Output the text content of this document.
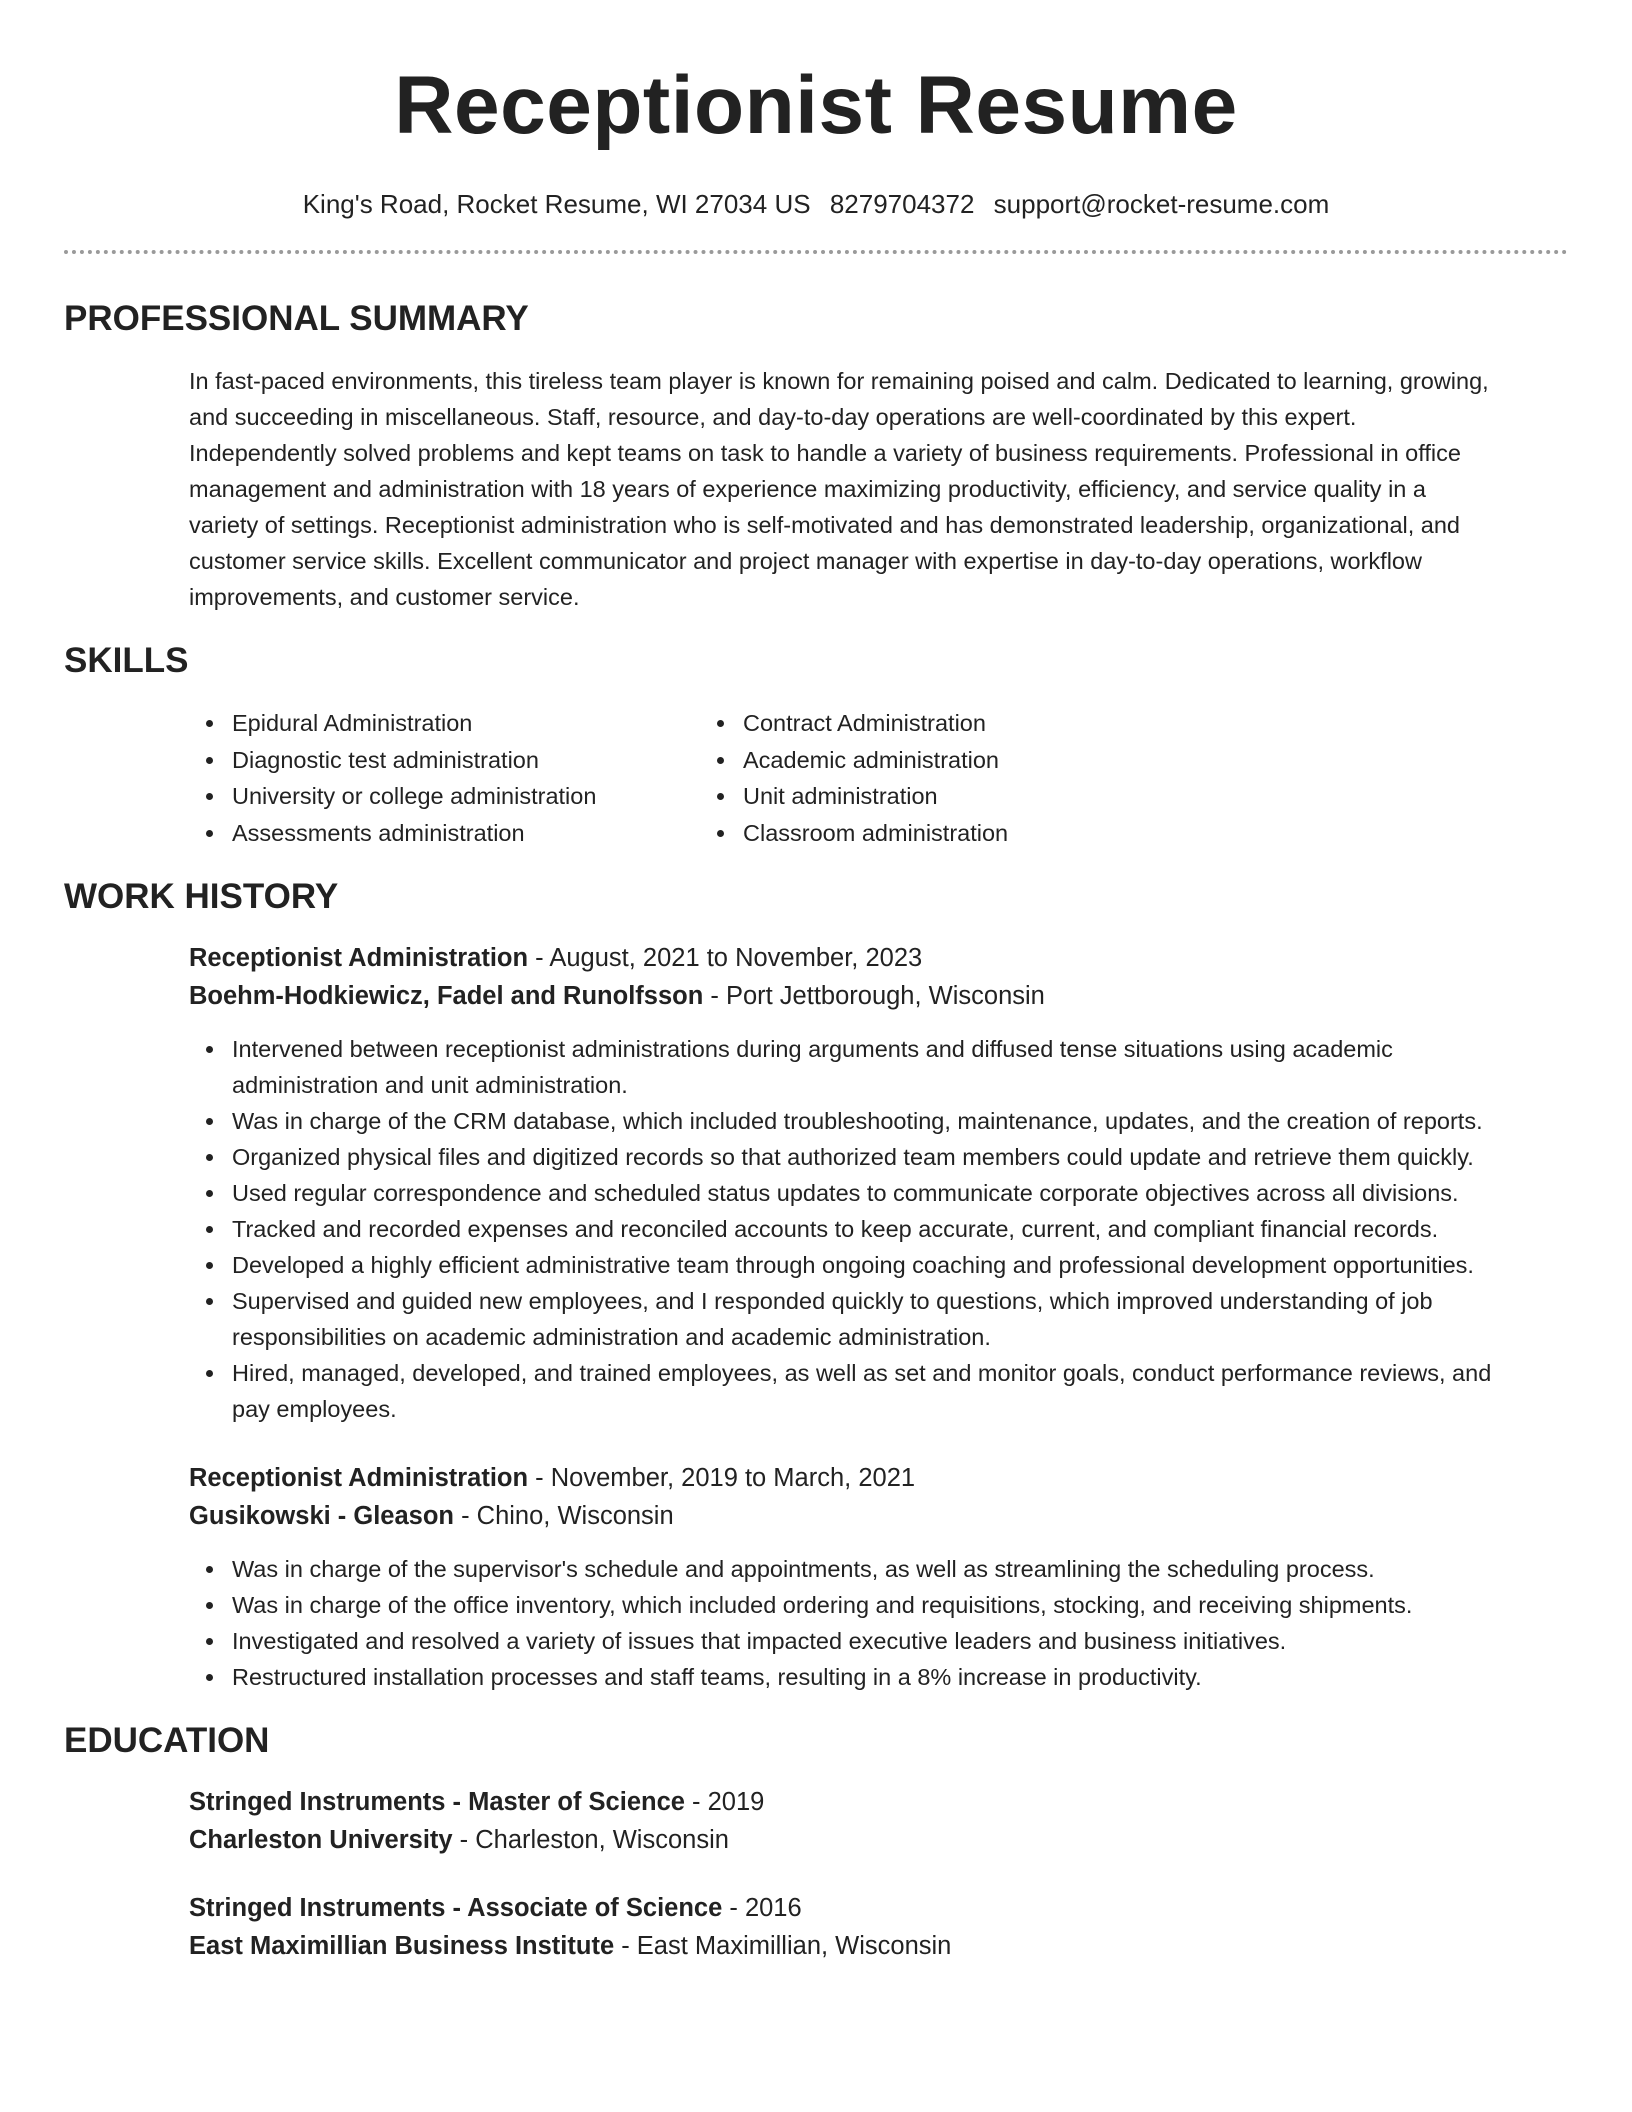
Receptionist Resume
King's Road, Rocket Resume, WI 27034 US 8279704372 support@rocket-resume.com
PROFESSIONAL SUMMARY
In fast-paced environments, this tireless team player is known for remaining poised and calm. Dedicated to learning, growing,
and succeeding in miscellaneous. Staff, resource, and day-to-day operations are well-coordinated by this expert.
Independently solved problems and kept teams on task to handle a variety of business requirements. Professional in office
management and administration with 18 years of experience maximizing productivity, efficiency, and service quality in a
variety of settings. Receptionist administration who is self-motivated and has demonstrated leadership, organizational, and
customer service skills. Excellent communicator and project manager with expertise in day-to-day operations, workflow
improvements, and customer service.
SKILLS
Epidural Administration
Diagnostic test administration
University or college administration
Assessments administration
Contract Administration
Academic administration
Unit administration
Classroom administration
WORK HISTORY
Receptionist Administration - August, 2021 to November, 2023
Boehm-Hodkiewicz, Fadel and Runolfsson - Port Jettborough, Wisconsin
Intervened between receptionist administrations during arguments and diffused tense situations using academic
administration and unit administration.
Was in charge of the CRM database, which included troubleshooting, maintenance, updates, and the creation of reports.
Organized physical files and digitized records so that authorized team members could update and retrieve them quickly.
Used regular correspondence and scheduled status updates to communicate corporate objectives across all divisions.
Tracked and recorded expenses and reconciled accounts to keep accurate, current, and compliant financial records.
Developed a highly efficient administrative team through ongoing coaching and professional development opportunities.
Supervised and guided new employees, and I responded quickly to questions, which improved understanding of job
responsibilities on academic administration and academic administration.
Hired, managed, developed, and trained employees, as well as set and monitor goals, conduct performance reviews, and
pay employees.
Receptionist Administration - November, 2019 to March, 2021
Gusikowski - Gleason - Chino, Wisconsin
Was in charge of the supervisor's schedule and appointments, as well as streamlining the scheduling process.
Was in charge of the office inventory, which included ordering and requisitions, stocking, and receiving shipments.
Investigated and resolved a variety of issues that impacted executive leaders and business initiatives.
Restructured installation processes and staff teams, resulting in a 8% increase in productivity.
EDUCATION
Stringed Instruments - Master of Science - 2019
Charleston University - Charleston, Wisconsin
Stringed Instruments - Associate of Science - 2016
East Maximillian Business Institute - East Maximillian, Wisconsin
